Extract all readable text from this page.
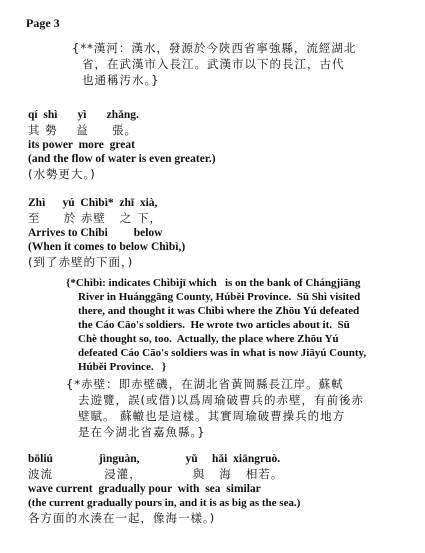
Page 3
{**漢河：漢水，發源於今陝西省寧強縣，流經湖北
省，在武漢市入長江。武漢市以下的長江，古代
也通稱汚水。}
qí  shì       yì       zhǎng.
其 勢    益     張。
its power  more  great
(and the flow of water is even greater.)
(水勢更大。)
Zhì      yú  Chìbì*  zhī  xià,
至     於 赤壁   之 下，
Arrives to Chibi         below
(When it comes to below Chìbì,)
(到了赤壁的下面，)
{*Chìbì: indicates Chìbìjī which   is on the bank of Chángjiāng
River in Huánggāng County, Húběi Province.  Sū Shì visited
there, and thought it was Chìbì where the Zhōu Yú defeated
the Cáo Cāo's soldiers.  He wrote two articles about it.  Sū
Chè thought so, too.  Actually, the place where Zhōu Yú
defeated Cáo Cāo's soldiers was in what is now Jiāyú County,
Húběi Province.   }
{*赤壁：即赤壁磯，在湖北省黃岡縣長江岸。蘇軾
去遊覽，誤(或借)以爲周瑜破曹兵的赤壁，有前後赤
壁賦。 蘇轍也是這樣。其實周瑜破曹操兵的地方
是在今湖北省嘉魚縣。}
bōliú                jìnguàn,                yǔ     hǎi  xiāngruò.
波流           浸灌，           與   海   相若。
wave current  gradually pour  with  sea  similar
(the current gradually pours in, and it is as big as the sea.)
各方面的水湊在一起，像海一樣。)
